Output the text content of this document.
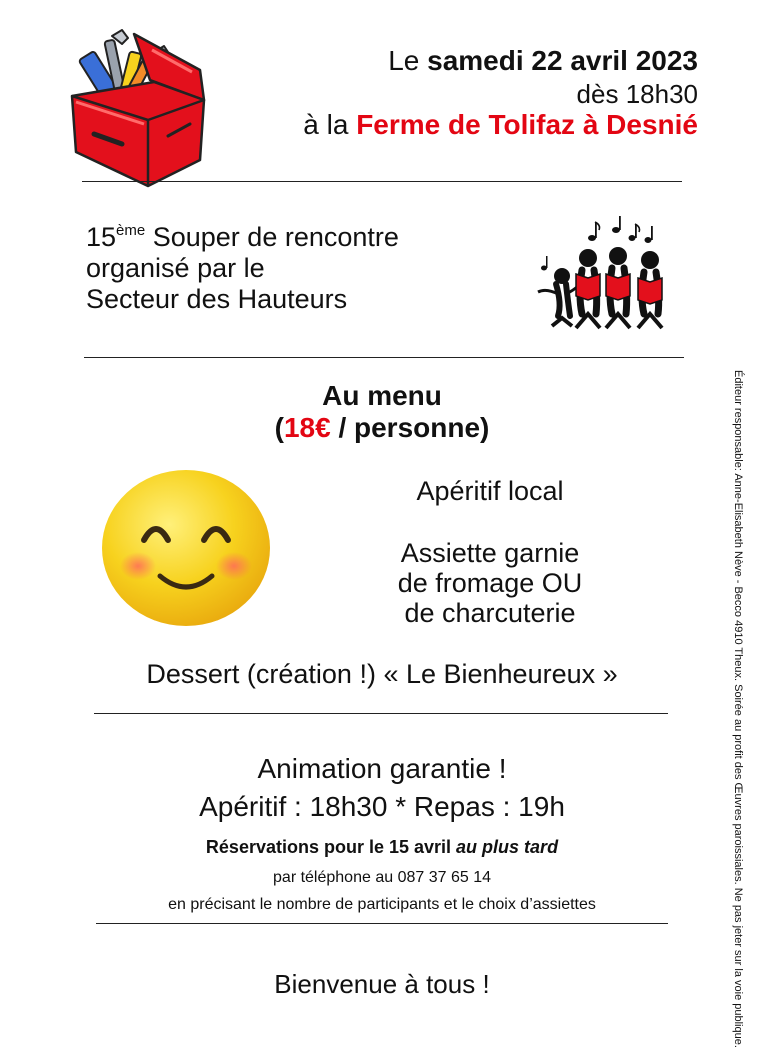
Le samedi 22 avril 2023
dès 18h30
à la Ferme de Tolifaz à Desnié
15ème Souper de rencontre
organisé par le
Secteur des Hauteurs
Au menu
(18€ / personne)
Apéritif local
Assiette garnie
de fromage OU
de charcuterie
Dessert (création !) « Le Bienheureux »
Animation garantie !
Apéritif : 18h30 * Repas : 19h
Réservations pour le 15 avril au plus tard
par téléphone au 087 37 65 14
en précisant le nombre de participants et le choix d’assiettes
Bienvenue à tous !	Éditeur responsable: Anne-Elisabeth Nève - Becco 4910 Theux. Soirée au profit des Œuvres paroissiales. Ne pas jeter sur la voie publique.
